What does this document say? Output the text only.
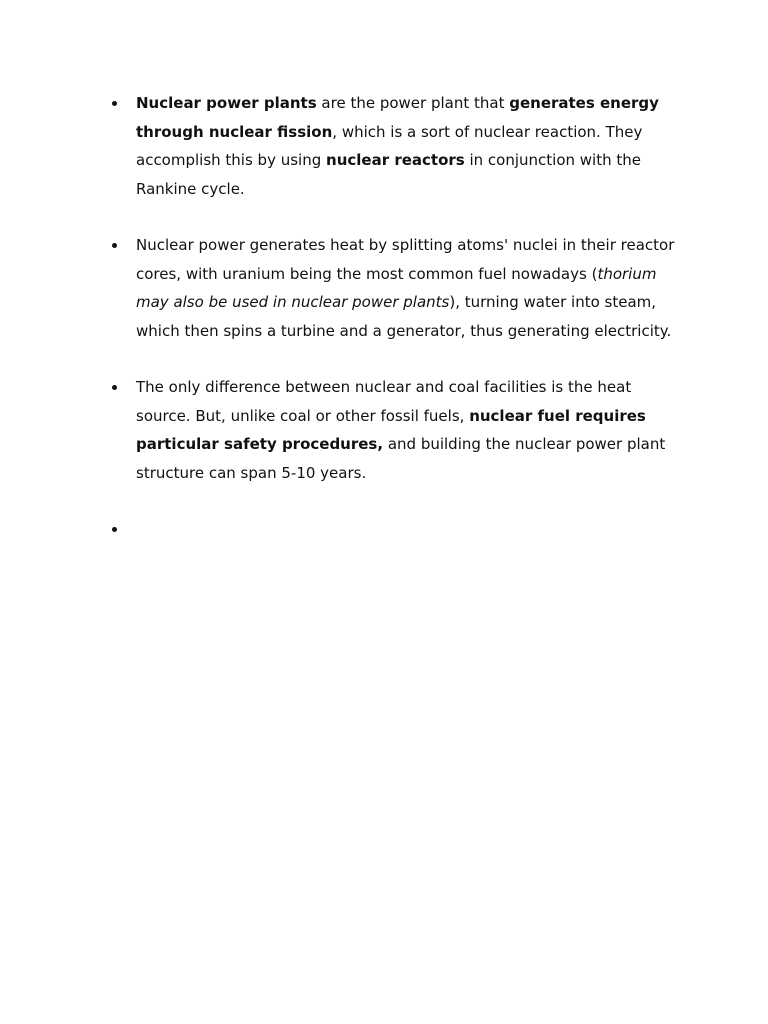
Nuclear power plants are the power plant that generates energy through nuclear fission, which is a sort of nuclear reaction. They accomplish this by using nuclear reactors in conjunction with the Rankine cycle.
Nuclear power generates heat by splitting atoms' nuclei in their reactor cores, with uranium being the most common fuel nowadays (thorium may also be used in nuclear power plants), turning water into steam, which then spins a turbine and a generator, thus generating electricity.
The only difference between nuclear and coal facilities is the heat source. But, unlike coal or other fossil fuels, nuclear fuel requires particular safety procedures, and building the nuclear power plant structure can span 5-10 years.
